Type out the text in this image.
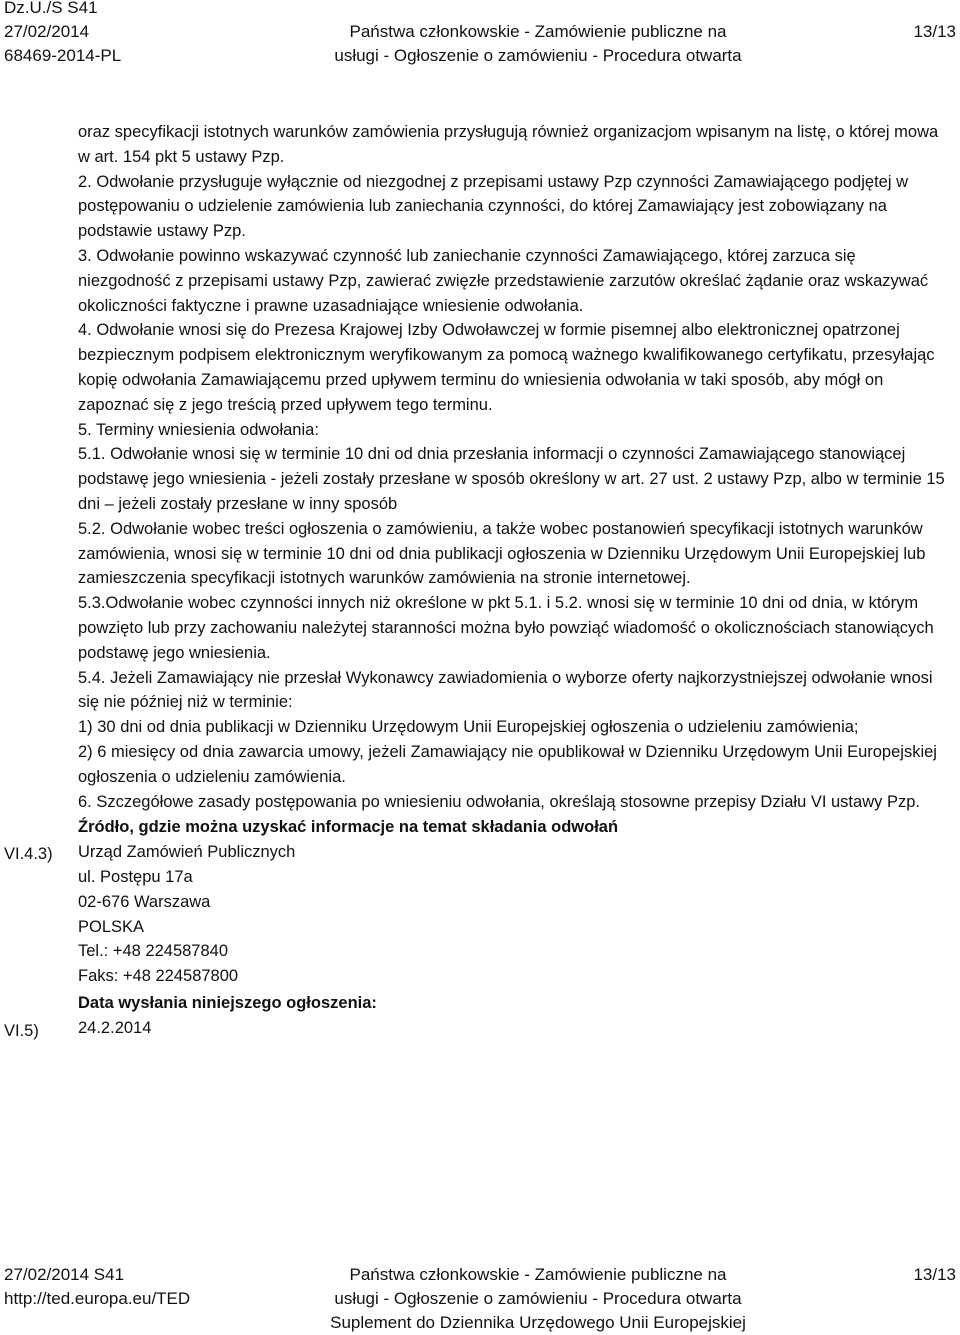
Dz.U./S S41
27/02/2014
68469-2014-PL
Państwa członkowskie - Zamówienie publiczne na
usługi - Ogłoszenie o zamówieniu - Procedura otwarta
13/13

oraz specyfikacji istotnych warunków zamówienia przysługują również organizacjom wpisanym na listę, o której mowa w art. 154 pkt 5 ustawy Pzp.

2. Odwołanie przysługuje wyłącznie od niezgodnej z przepisami ustawy Pzp czynności Zamawiającego podjętej w postępowaniu o udzielenie zamówienia lub zaniechania czynności, do której Zamawiający jest zobowiązany na podstawie ustawy Pzp.

3. Odwołanie powinno wskazywać czynność lub zaniechanie czynności Zamawiającego, której zarzuca się niezgodność z przepisami ustawy Pzp, zawierać zwięzłe przedstawienie zarzutów określać żądanie oraz wskazywać okoliczności faktyczne i prawne uzasadniające wniesienie odwołania.

4. Odwołanie wnosi się do Prezesa Krajowej Izby Odwoławczej w formie pisemnej albo elektronicznej opatrzonej bezpiecznym podpisem elektronicznym weryfikowanym za pomocą ważnego kwalifikowanego certyfikatu, przesyłając kopię odwołania Zamawiającemu przed upływem terminu do wniesienia odwołania w taki sposób, aby mógł on zapoznać się z jego treścią przed upływem tego terminu.

5. Terminy wniesienia odwołania:

5.1. Odwołanie wnosi się w terminie 10 dni od dnia przesłania informacji o czynności Zamawiającego stanowiącej podstawę jego wniesienia - jeżeli zostały przesłane w sposób określony w art. 27 ust. 2 ustawy Pzp, albo w terminie 15 dni – jeżeli zostały przesłane w inny sposób

5.2. Odwołanie wobec treści ogłoszenia o zamówieniu, a także wobec postanowień specyfikacji istotnych warunków zamówienia, wnosi się w terminie 10 dni od dnia publikacji ogłoszenia w Dzienniku Urzędowym Unii Europejskiej lub zamieszczenia specyfikacji istotnych warunków zamówienia na stronie internetowej.

5.3.Odwołanie wobec czynności innych niż określone w pkt 5.1. i 5.2. wnosi się w terminie 10 dni od dnia, w którym powzięto lub przy zachowaniu należytej staranności można było powziąć wiadomość o okolicznościach stanowiących podstawę jego wniesienia.

5.4. Jeżeli Zamawiający nie przesłał Wykonawcy zawiadomienia o wyborze oferty najkorzystniejszej odwołanie wnosi się nie później niż w terminie:

1) 30 dni od dnia publikacji w Dzienniku Urzędowym Unii Europejskiej ogłoszenia o udzieleniu zamówienia;

2) 6 miesięcy od dnia zawarcia umowy, jeżeli Zamawiający nie opublikował w Dzienniku Urzędowym Unii Europejskiej ogłoszenia o udzieleniu zamówienia.

6. Szczegółowe zasady postępowania po wniesieniu odwołania, określają stosowne przepisy Działu VI ustawy Pzp.

Źródło, gdzie można uzyskać informacje na temat składania odwołań
Urząd Zamówień Publicznych
ul. Postępu 17a
02-676 Warszawa
POLSKA
Tel.: +48 224587840
Faks: +48 224587800
Data wysłania niniejszego ogłoszenia:
24.2.2014
VI.4.3)
VI.5)
27/02/2014 S41
http://ted.europa.eu/TED
Państwa członkowskie - Zamówienie publiczne na
usługi - Ogłoszenie o zamówieniu - Procedura otwarta
Suplement do Dziennika Urzędowego Unii Europejskiej
13/13
